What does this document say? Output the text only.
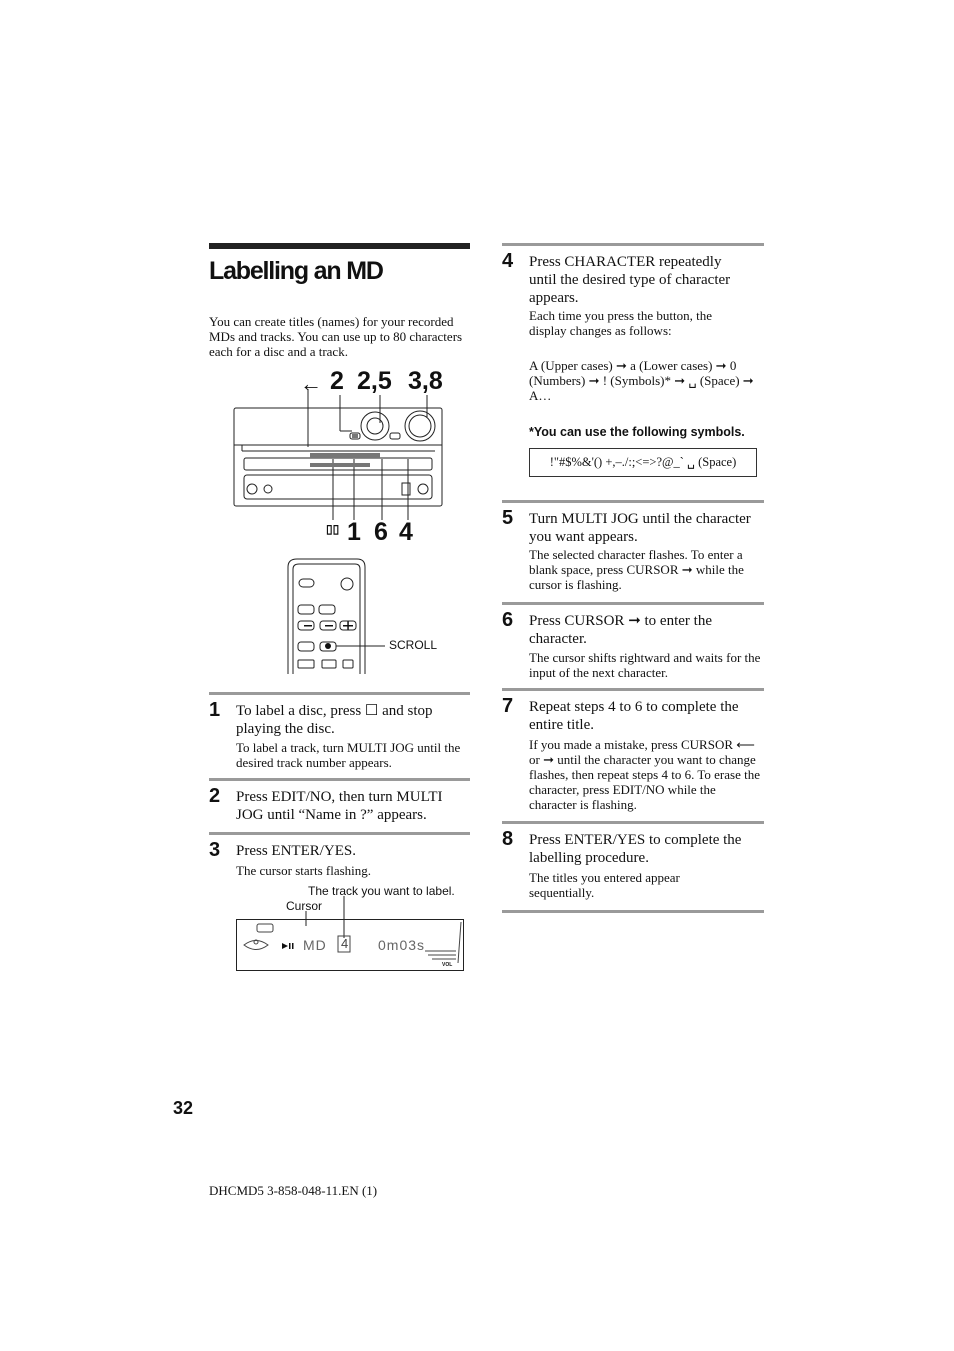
Labelling an MD
You can create titles (names) for your recorded MDs and tracks. You can use up to 80 characters each for a disc and a track.
← 2 2,5 3,8
▯▯ 1 6 4
SCROLL
1 To label a disc, press ☐ and stop playing the disc.
To label a track, turn MULTI JOG until the desired track number appears.
2 Press EDIT/NO, then turn MULTI JOG until “Name in ?” appears.
3 Press ENTER/YES.
The cursor starts flashing.
The track you want to label.
Cursor
MD 4 0m03s
VOL
4 Press CHARACTER repeatedly until the desired type of character appears.
Each time you press the button, the display changes as follows:
A (Upper cases) ➞ a (Lower cases) ➞ 0 (Numbers) ➞ ! (Symbols)* ➞ ␣ (Space) ➞ A…
*You can use the following symbols.
!"#$%&'() +,–./:;<=>?@_` ␣ (Space)
5 Turn MULTI JOG until the character you want appears.
The selected character flashes. To enter a blank space, press CURSOR ➞ while the cursor is flashing.
6 Press CURSOR ➞ to enter the character.
The cursor shifts rightward and waits for the input of the next character.
7 Repeat steps 4 to 6 to complete the entire title.
If you made a mistake, press CURSOR ⟵ or ➞ until the character you want to change flashes, then repeat steps 4 to 6. To erase the character, press EDIT/NO while the character is flashing.
8 Press ENTER/YES to complete the labelling procedure.
The titles you entered appear sequentially.
32
DHCMD5 3-858-048-11.EN (1)
